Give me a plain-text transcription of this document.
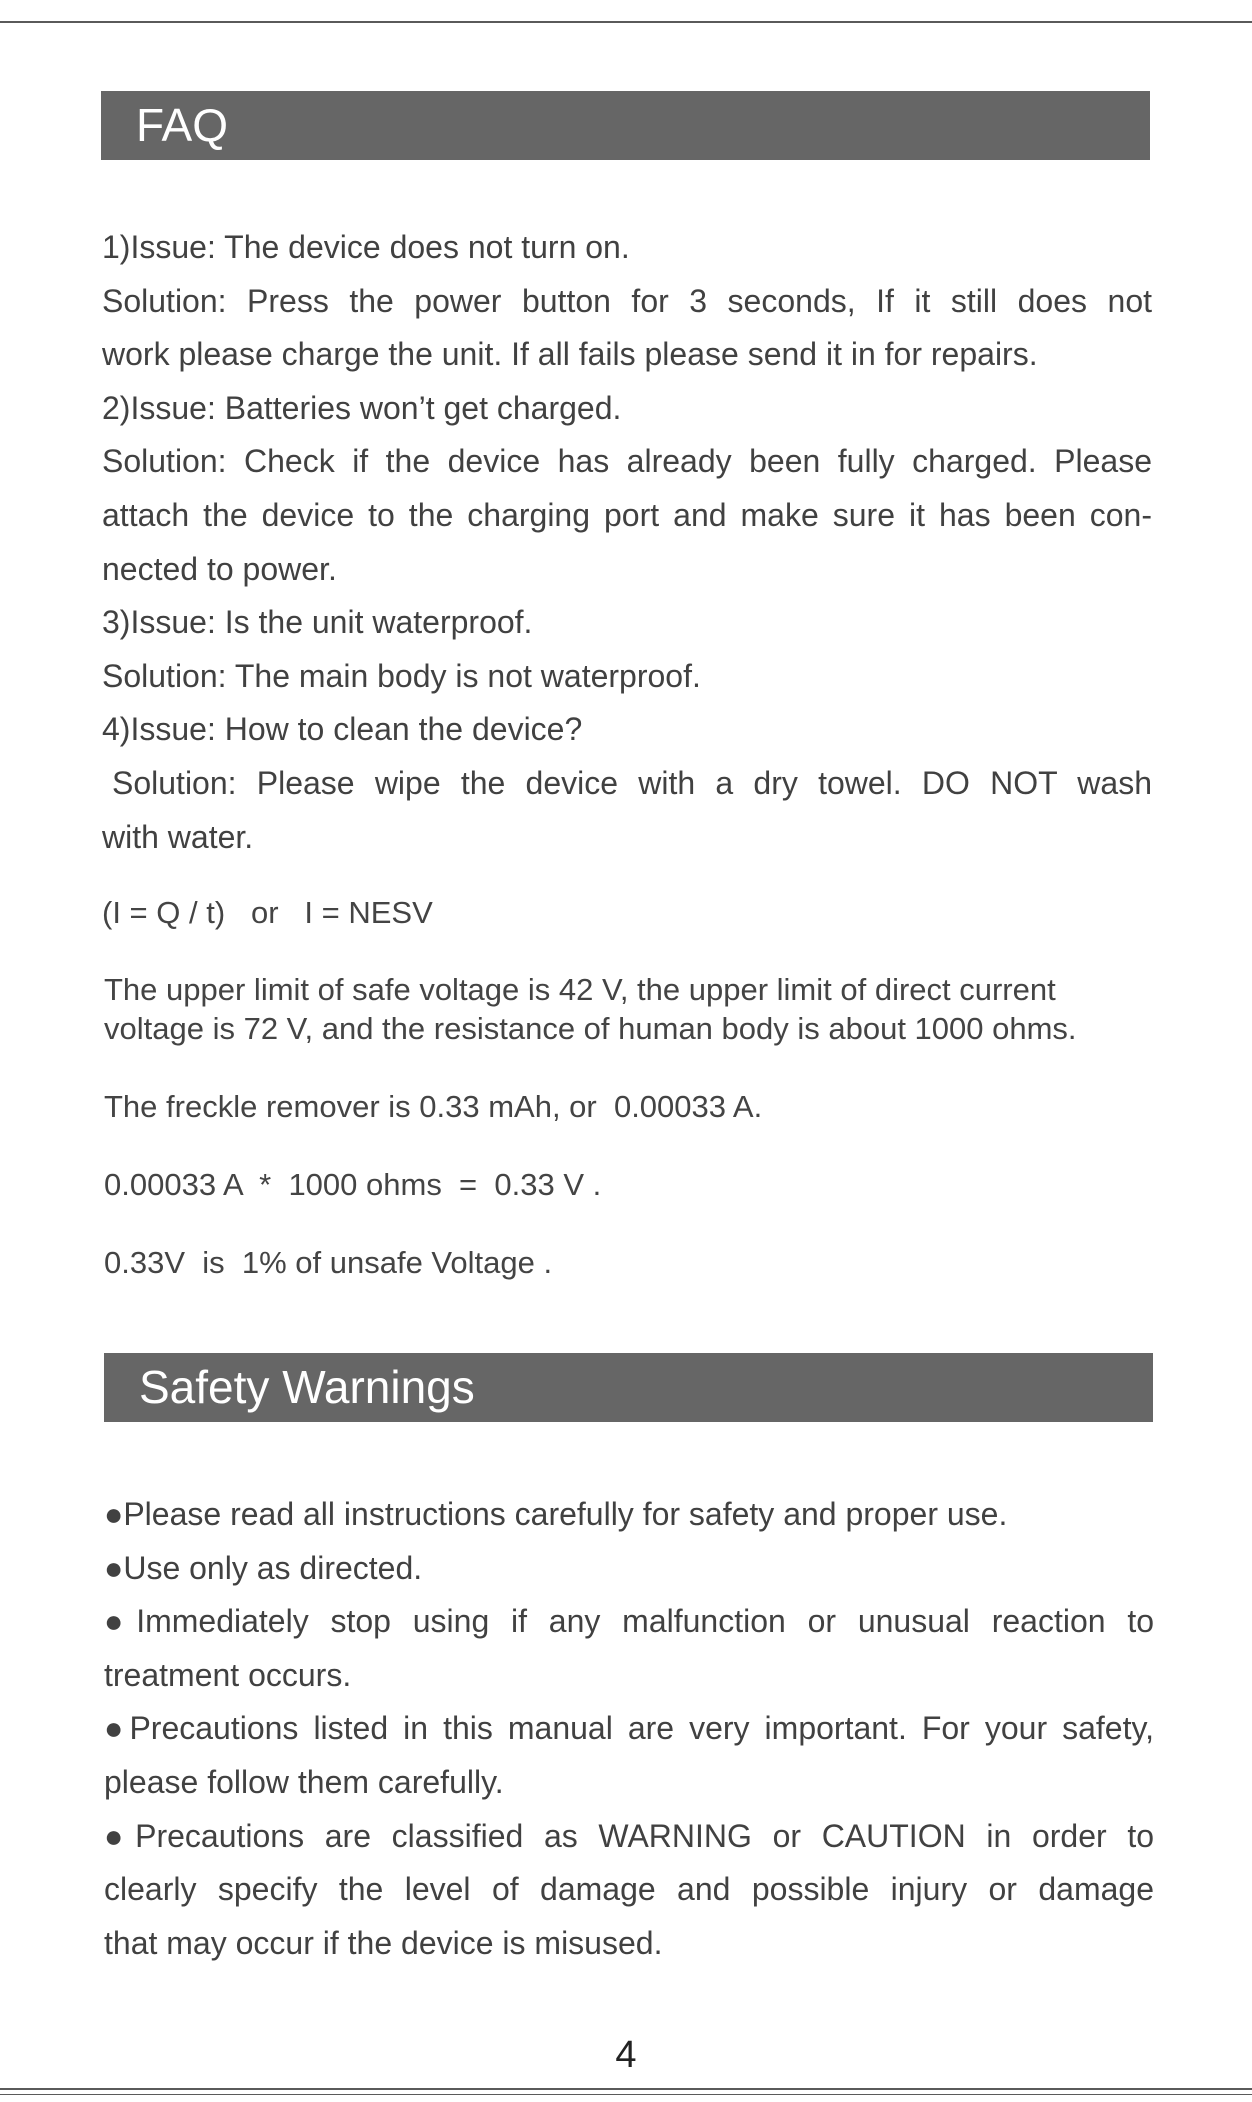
FAQ
1)Issue: The device does not turn on.
Solution: Press the power button for 3 seconds, If it still does not
work please charge the unit. If all fails please send it in for repairs.
2)Issue: Batteries won’t get charged.
Solution: Check if the device has already been fully charged. Please
attach the device to the charging port and make sure it has been con-
nected to power.
3)Issue: Is the unit waterproof.
Solution: The main body is not waterproof.
4)Issue: How to clean the device?
Solution: Please wipe the device with a dry towel. DO NOT wash
with water.
(I = Q / t)   or   I = NESV
The upper limit of safe voltage is 42 V, the upper limit of direct current
voltage is 72 V, and the resistance of human body is about 1000 ohms.
The freckle remover is 0.33 mAh, or  0.00033 A.
0.00033 A  *  1000 ohms  =  0.33 V .
0.33V  is  1% of unsafe Voltage .
Safety Warnings
●Please read all instructions carefully for safety and proper use.
●Use only as directed.
●Immediately stop using if any malfunction or unusual reaction to
treatment occurs.
●Precautions listed in this manual are very important. For your safety,
please follow them carefully.
●Precautions are classified as WARNING or CAUTION in order to
clearly specify the level of damage and possible injury or damage
that may occur if the device is misused.
4
